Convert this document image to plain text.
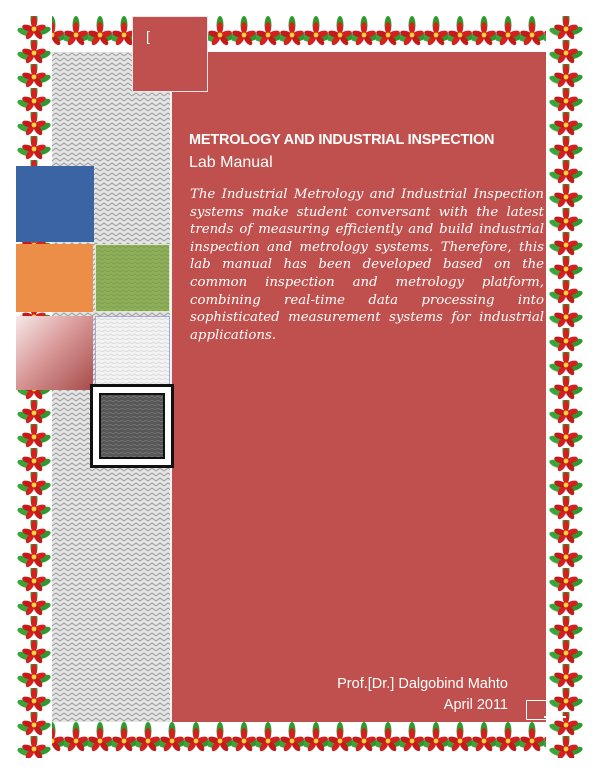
[
METROLOGY AND INDUSTRIAL INSPECTION
Lab Manual

The Industrial Metrology and Industrial Inspection systems make student conversant with the latest trends of measuring efficiently and build industrial inspection and metrology systems. Therefore, this lab manual has been developed based on the common inspection and metrology platform, combining real-time data processing into sophisticated measurement systems for industrial applications.

Prof.[Dr.] Dalgobind Mahto
April 2011
